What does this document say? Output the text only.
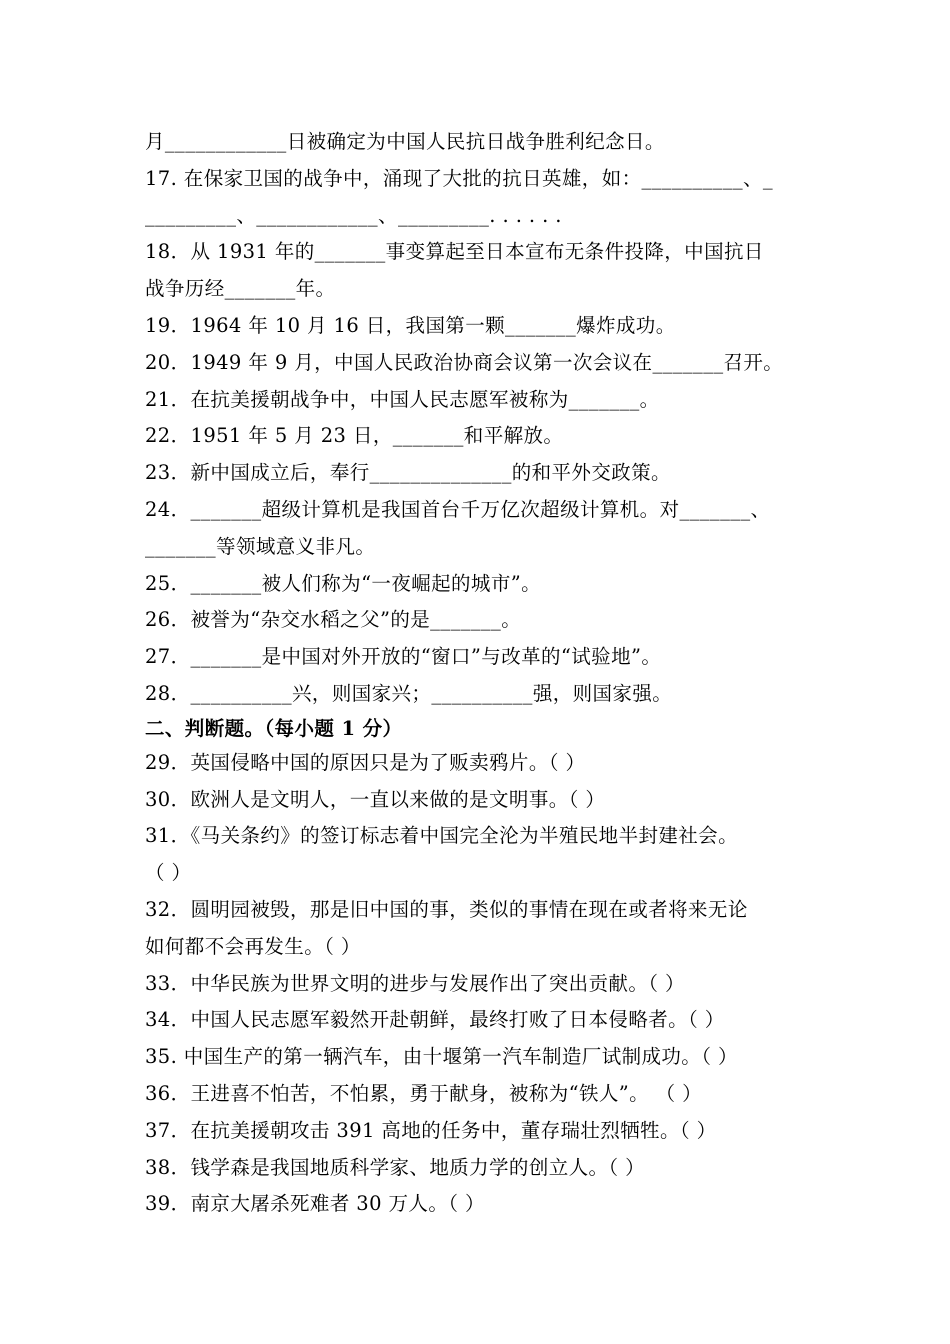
月____________日被确定为中国人民抗日战争胜利纪念日。
17. 在保家卫国的战争中，涌现了大批的抗日英雄，如：__________、_
_________、____________、_________. . . . . .
18．从 1931 年的_______事变算起至日本宣布无条件投降，中国抗日
战争历经_______年。
19．1964 年 10 月 16 日，我国第一颗_______爆炸成功。
20．1949 年 9 月，中国人民政治协商会议第一次会议在_______召开。
21．在抗美援朝战争中，中国人民志愿军被称为_______。
22．1951 年 5 月 23 日，_______和平解放。
23．新中国成立后，奉行______________的和平外交政策。
24．_______超级计算机是我国首台千万亿次超级计算机。对_______、
_______等领域意义非凡。
25．_______被人们称为“一夜崛起的城市”。
26．被誉为“杂交水稻之父”的是_______。
27．_______是中国对外开放的“窗口”与改革的“试验地”。
28．__________兴，则国家兴；__________强，则国家强。
二、判断题。（每小题 1 分）
29．英国侵略中国的原因只是为了贩卖鸦片。（ ）
30．欧洲人是文明人，一直以来做的是文明事。（ ）
31．《马关条约》的签订标志着中国完全沦为半殖民地半封建社会。
（ ）
32．圆明园被毁，那是旧中国的事，类似的事情在现在或者将来无论
如何都不会再发生。（ ）
33．中华民族为世界文明的进步与发展作出了突出贡献。（ ）
34．中国人民志愿军毅然开赴朝鲜，最终打败了日本侵略者。（ ）
35. 中国生产的第一辆汽车，由十堰第一汽车制造厂试制成功。（ ）
36．王进喜不怕苦，不怕累，勇于献身，被称为“铁人”。 （ ）
37．在抗美援朝攻击 391 高地的任务中，董存瑞壮烈牺牲。（ ）
38．钱学森是我国地质科学家、地质力学的创立人。（ ）
39．南京大屠杀死难者 30 万人。（ ）
